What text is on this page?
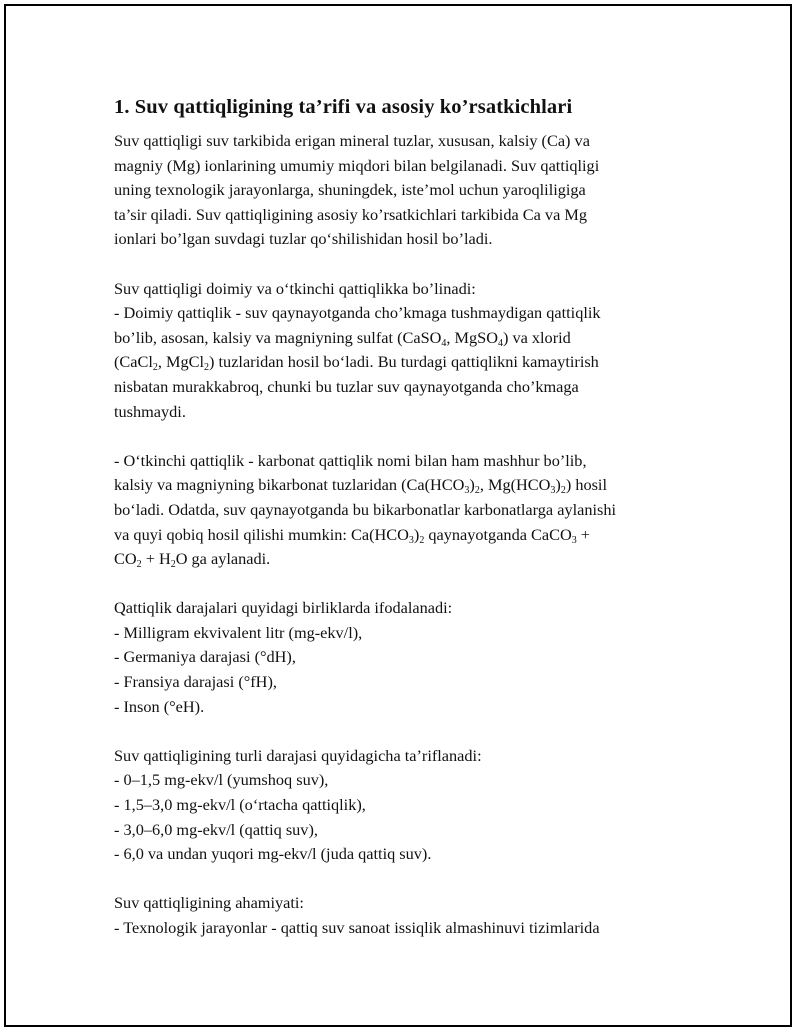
1. Suv qattiqligining ta’rifi va asosiy ko’rsatkichlari

Suv qattiqligi suv tarkibida erigan mineral tuzlar, xususan, kalsiy (Ca) va
magniy (Mg) ionlarining umumiy miqdori bilan belgilanadi. Suv qattiqligi
uning texnologik jarayonlarga, shuningdek, iste’mol uchun yaroqliligiga
ta’sir qiladi. Suv qattiqligining asosiy ko’rsatkichlari tarkibida Ca va Mg
ionlari bo’lgan suvdagi tuzlar qo‘shilishidan hosil bo’ladi.

Suv qattiqligi doimiy va o‘tkinchi qattiqlikka bo’linadi:
- Doimiy qattiqlik - suv qaynayotganda cho’kmaga tushmaydigan qattiqlik
bo’lib, asosan, kalsiy va magniyning sulfat (CaSO$_4$, MgSO$_4$) va xlorid
(CaCl$_2$, MgCl$_2$) tuzlaridan hosil bo‘ladi. Bu turdagi qattiqlikni kamaytirish
nisbatan murakkabroq, chunki bu tuzlar suv qaynayotganda cho’kmaga
tushmaydi.

- O‘tkinchi qattiqlik - karbonat qattiqlik nomi bilan ham mashhur bo’lib,
kalsiy va magniyning bikarbonat tuzlaridan ($Ca(HCO_3)_2$, $Mg(HCO_3)_2$) hosil
bo‘ladi. Odatda, suv qaynayotganda bu bikarbonatlar karbonatlarga aylanishi
va quyi qobiq hosil qilishi mumkin: $Ca(HCO_3)_2$ qaynayotganda CaCO$_3$ +
$CO_2 + H_2O$ ga aylanadi.

Qattiqlik darajalari quyidagi birliklarda ifodalanadi:
- Milligram ekvivalent litr (mg-ekv/l),
- Germaniya darajasi (°dH),
- Fransiya darajasi (°fH),
- Inson (°eH).

Suv qattiqligining turli darajasi quyidagicha ta’riflanadi:
- 0–1,5 mg-ekv/l (yumshoq suv),
- 1,5–3,0 mg-ekv/l (o‘rtacha qattiqlik),
- 3,0–6,0 mg-ekv/l (qattiq suv),
- 6,0 va undan yuqori mg-ekv/l (juda qattiq suv).

Suv qattiqligining ahamiyati:
- Texnologik jarayonlar - qattiq suv sanoat issiqlik almashinuvi tizimlarida
